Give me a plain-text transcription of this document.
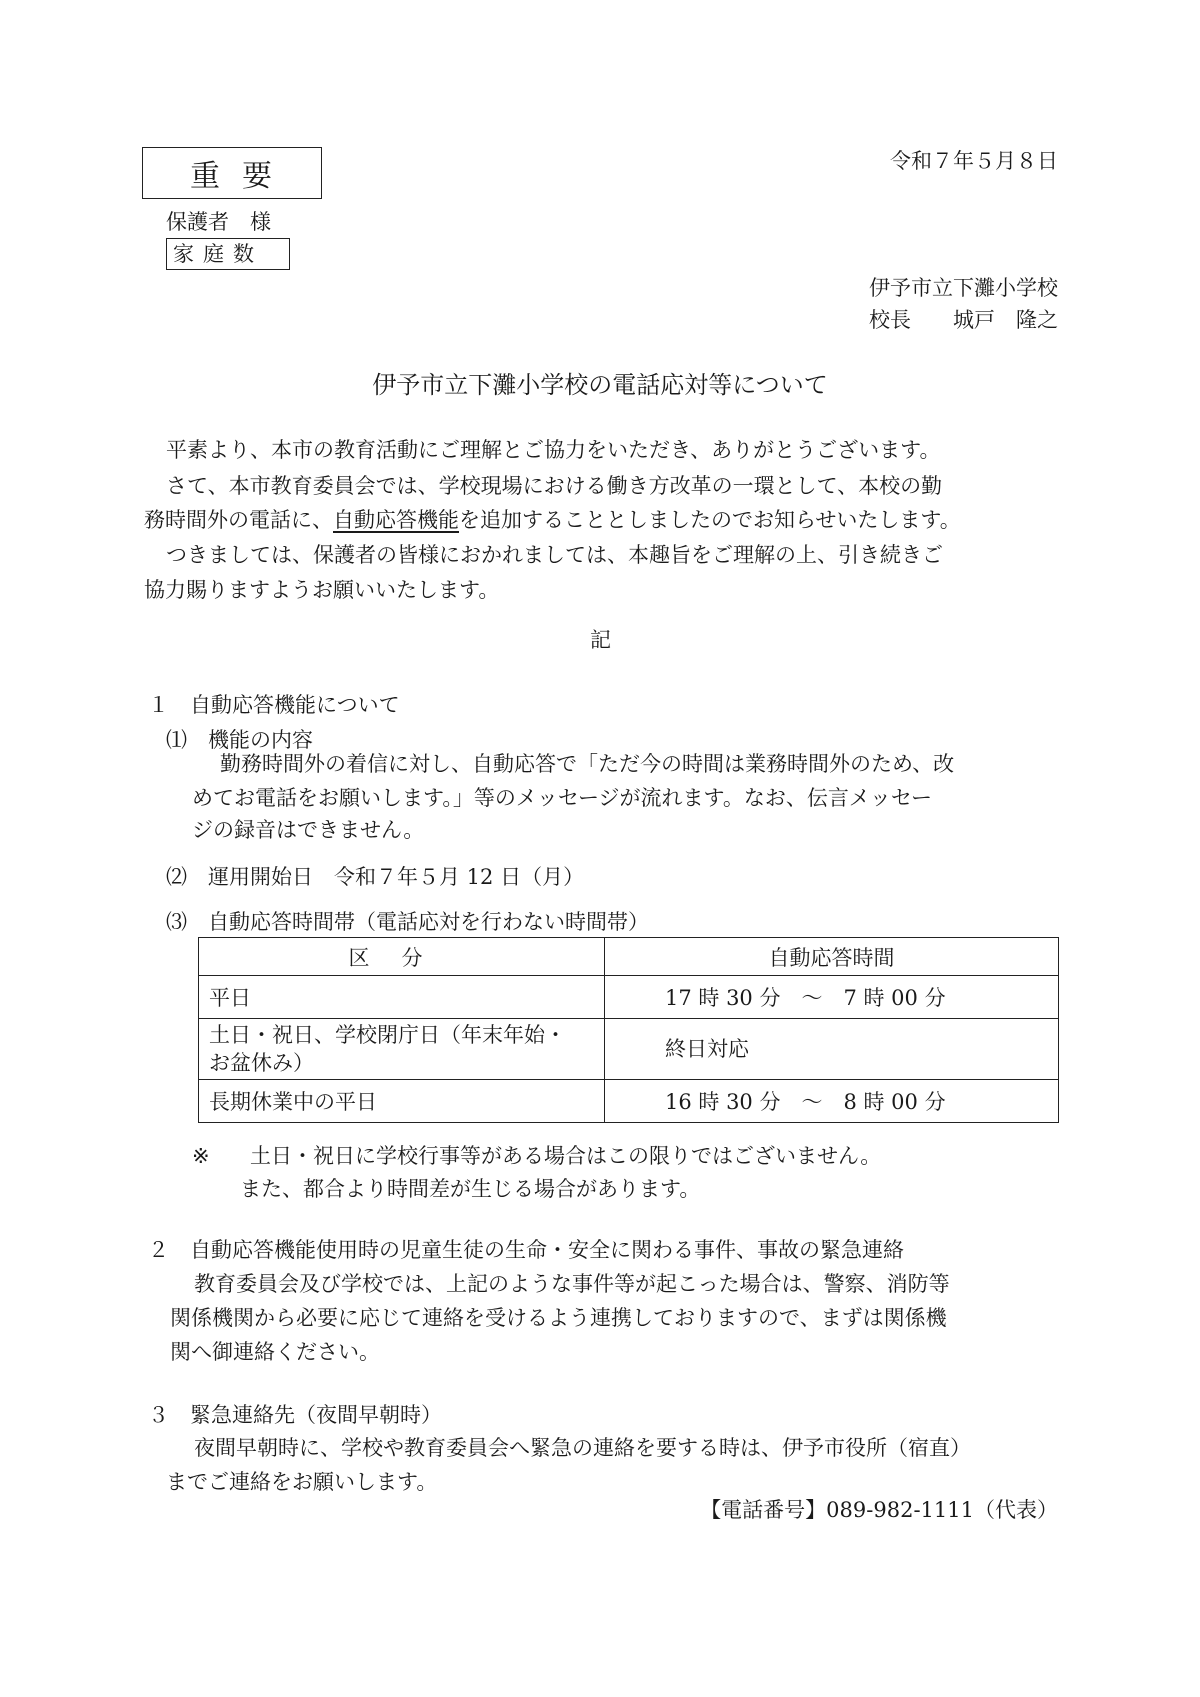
重要	令和７年５月８日
保護者　様
家庭数
伊予市立下灘小学校
校長　　城戸　隆之
伊予市立下灘小学校の電話応対等について
平素より、本市の教育活動にご理解とご協力をいただき、ありがとうございます。
さて、本市教育委員会では、学校現場における働き方改革の一環として、本校の勤
務時間外の電話に、自動応答機能を追加することとしましたのでお知らせいたします。
つきましては、保護者の皆様におかれましては、本趣旨をご理解の上、引き続きご
協力賜りますようお願いいたします。
記
１　自動応答機能について
⑴　機能の内容
勤務時間外の着信に対し、自動応答で「ただ今の時間は業務時間外のため、改
めてお電話をお願いします。」等のメッセージが流れます。なお、伝言メッセー
ジの録音はできません。
⑵　運用開始日　令和７年５月 12 日（月）
⑶　自動応答時間帯（電話応対を行わない時間帯）
区分	自動応答時間
平日	17 時 30 分　～　7 時 00 分
土日・祝日、学校閉庁日（年末年始・
お盆休み）	終日対応
長期休業中の平日	16 時 30 分　～　8 時 00 分
※ 土日・祝日に学校行事等がある場合はこの限りではございません。
また、都合より時間差が生じる場合があります。
２　自動応答機能使用時の児童生徒の生命・安全に関わる事件、事故の緊急連絡
教育委員会及び学校では、上記のような事件等が起こった場合は、警察、消防等
関係機関から必要に応じて連絡を受けるよう連携しておりますので、まずは関係機
関へ御連絡ください。
３　緊急連絡先（夜間早朝時）
夜間早朝時に、学校や教育委員会へ緊急の連絡を要する時は、伊予市役所（宿直）
までご連絡をお願いします。
【電話番号】089-982-1111（代表）
